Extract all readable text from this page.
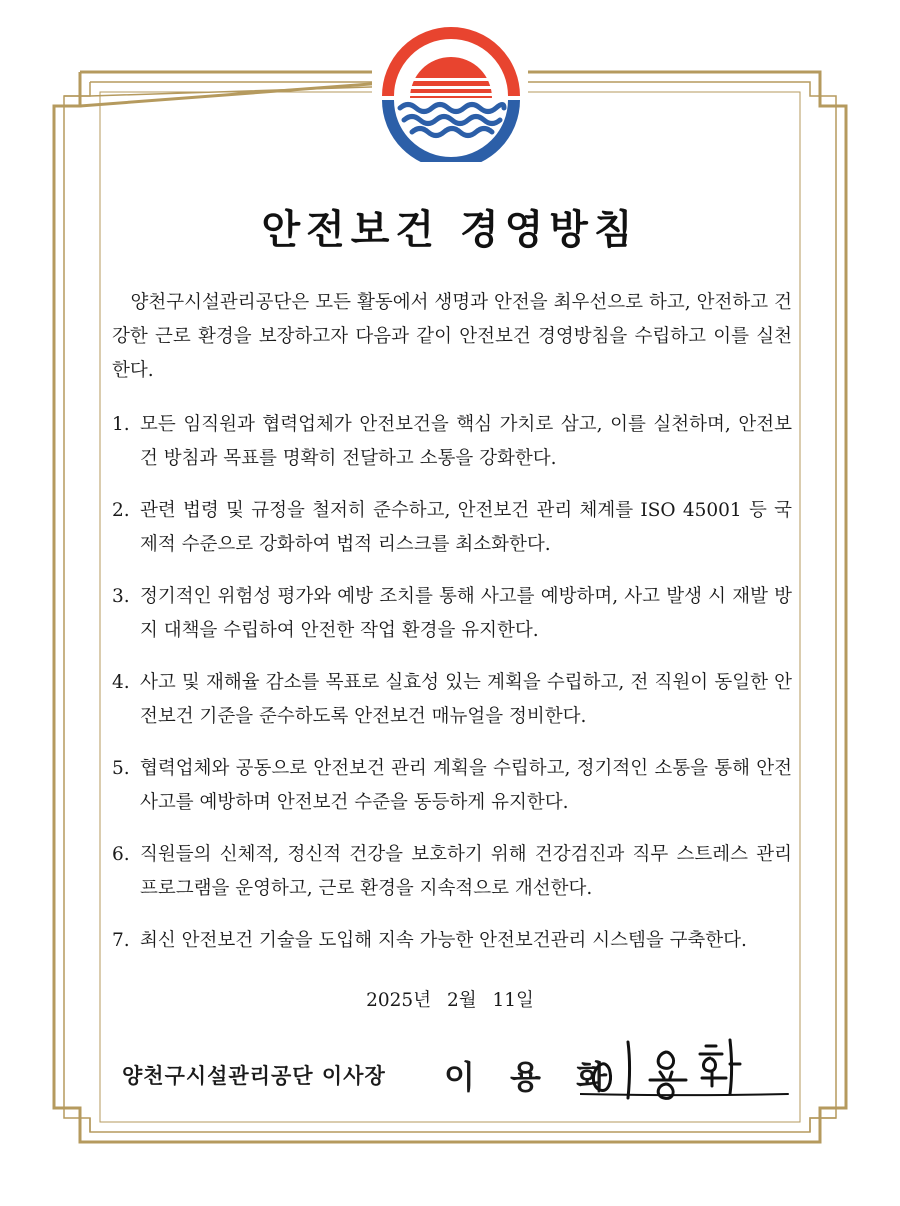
안전보건 경영방침
양천구시설관리공단은 모든 활동에서 생명과 안전을 최우선으로 하고, 안전하고 건강한 근로 환경을 보장하고자 다음과 같이 안전보건 경영방침을 수립하고 이를 실천한다.
1. 모든 임직원과 협력업체가 안전보건을 핵심 가치로 삼고, 이를 실천하며, 안전보건 방침과 목표를 명확히 전달하고 소통을 강화한다.
2. 관련 법령 및 규정을 철저히 준수하고, 안전보건 관리 체계를 ISO 45001 등 국제적 수준으로 강화하여 법적 리스크를 최소화한다.
3. 정기적인 위험성 평가와 예방 조치를 통해 사고를 예방하며, 사고 발생 시 재발 방지 대책을 수립하여 안전한 작업 환경을 유지한다.
4. 사고 및 재해율 감소를 목표로 실효성 있는 계획을 수립하고, 전 직원이 동일한 안전보건 기준을 준수하도록 안전보건 매뉴얼을 정비한다.
5. 협력업체와 공동으로 안전보건 관리 계획을 수립하고, 정기적인 소통을 통해 안전사고를 예방하며 안전보건 수준을 동등하게 유지한다.
6. 직원들의 신체적, 정신적 건강을 보호하기 위해 건강검진과 직무 스트레스 관리 프로그램을 운영하고, 근로 환경을 지속적으로 개선한다.
7. 최신 안전보건 기술을 도입해 지속 가능한 안전보건관리 시스템을 구축한다.
2025년 2월 11일
양천구시설관리공단 이사장 이 용 화
